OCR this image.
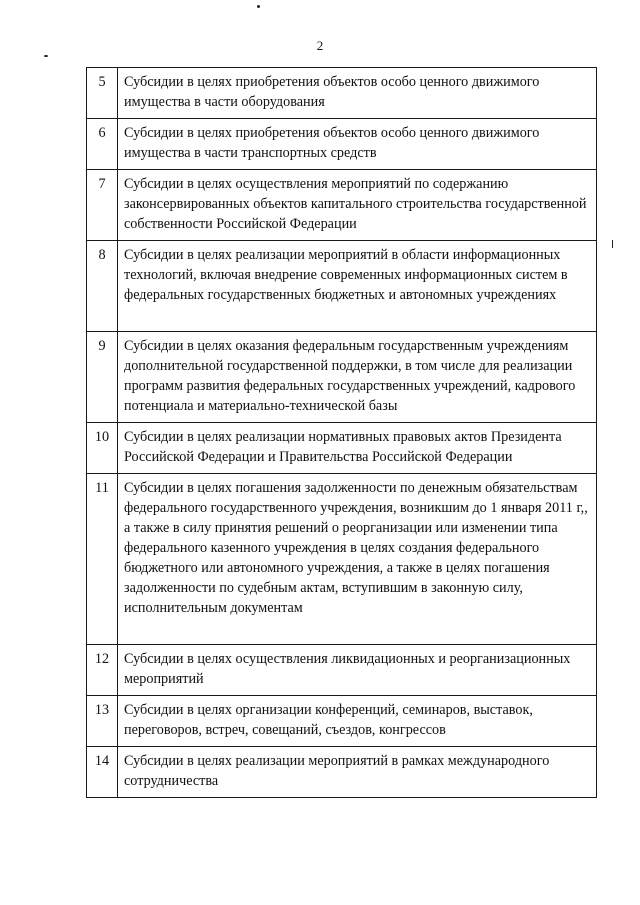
2
5	Субсидии в целях приобретения объектов особо ценного движимого имущества в части оборудования
6	Субсидии в целях приобретения объектов особо ценного движимого имущества в части транспортных средств
7	Субсидии в целях осуществления мероприятий по содержанию законсервированных объектов капитального строительства государственной собственности Российской Федерации
8	Субсидии в целях реализации мероприятий в области информационных технологий, включая внедрение современных информационных систем в федеральных государственных бюджетных и автономных учреждениях
9	Субсидии в целях оказания федеральным государственным учреждениям дополнительной государственной поддержки, в том числе для реализации программ развития федеральных государственных учреждений, кадрового потенциала и материально-технической базы
10	Субсидии в целях реализации нормативных правовых актов Президента Российской Федерации и Правительства Российской Федерации
11	Субсидии в целях погашения задолженности по денежным обязательствам федерального государственного учреждения, возникшим до 1 января 2011 г,, а также в силу принятия решений о реорганизации или изменении типа федерального казенного учреждения в целях создания федерального бюджетного или автономного учреждения, а также в целях погашения задолженности по судебным актам, вступившим в законную силу, исполнительным документам
12	Субсидии в целях осуществления ликвидационных и реорганизационных мероприятий
13	Субсидии в целях организации конференций, семинаров, выставок, переговоров, встреч, совещаний, съездов, конгрессов
14	Субсидии в целях реализации мероприятий в рамках международного сотрудничества
